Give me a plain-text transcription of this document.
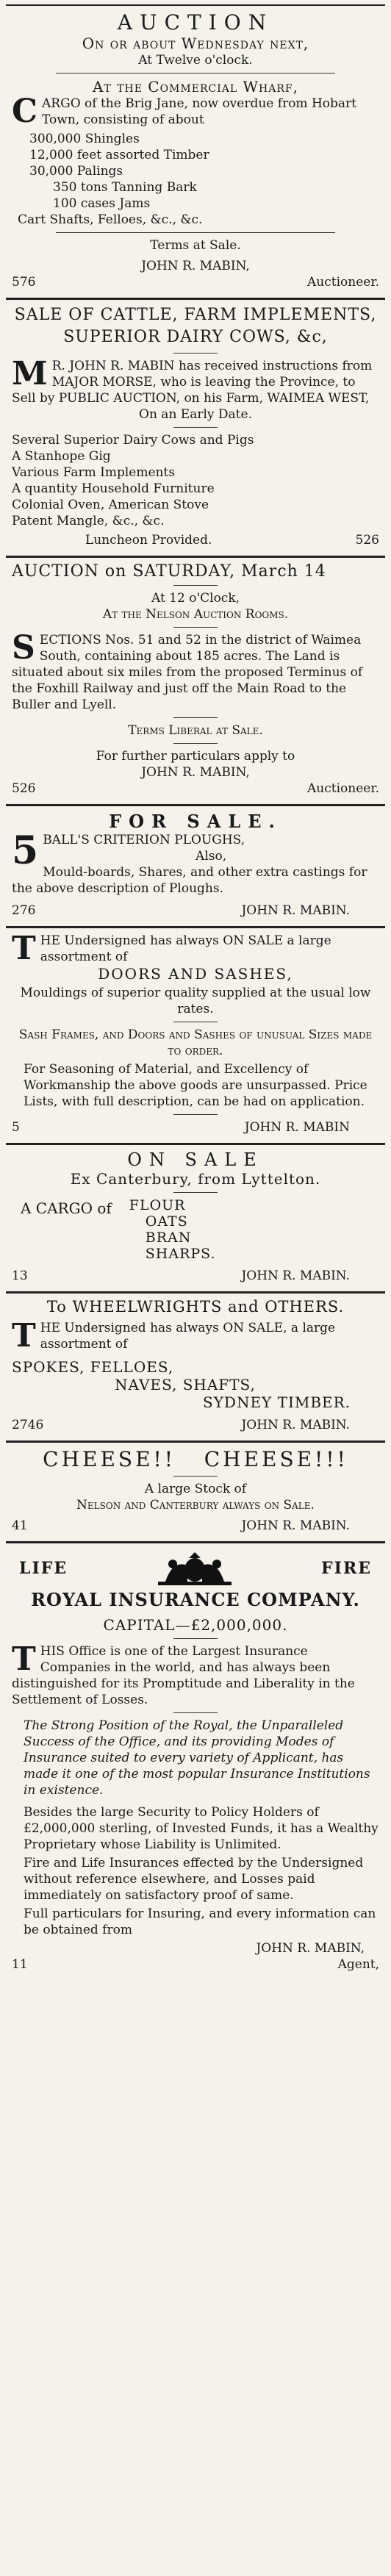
AUCTION
On or about Wednesday next,
At Twelve o'clock.
At the Commercial Wharf,
CARGO of the Brig Jane, now overdue from Hobart Town, consisting of about
300,000 Shingles
12,000 feet assorted Timber
30,000 Palings
350 tons Tanning Bark
100 cases Jams
Cart Shafts, Felloes, &c., &c.
Terms at Sale.
JOHN R. MABIN,
576	Auctioneer.
SALE OF CATTLE, FARM IMPLEMENTS, SUPERIOR DAIRY COWS, &c,
M R. JOHN R. MABIN has received instructions from MAJOR MORSE, who is leaving the Province, to Sell by PUBLIC AUCTION, on his Farm, WAIMEA WEST,
On an Early Date.
Several Superior Dairy Cows and Pigs
A Stanhope Gig
Various Farm Implements
A quantity Household Furniture
Colonial Oven, American Stove
Patent Mangle, &c., &c.
Luncheon Provided.	526
AUCTION on SATURDAY, March 14
At 12 o'Clock,
At the Nelson Auction Rooms.
SECTIONS Nos. 51 and 52 in the district of Waimea South, containing about 185 acres. The Land is situated about six miles from the proposed Terminus of the Foxhill Railway and just off the Main Road to the Buller and Lyell.
Terms Liberal at Sale.
For further particulars apply to
JOHN R. MABIN,
526	Auctioneer.
FOR SALE.
5 BALL'S CRITERION PLOUGHS,
Also,
Mould-boards, Shares, and other extra castings for the above description of Ploughs.
276	JOHN R. MABIN.
THE Undersigned has always ON SALE a large assortment of
DOORS AND SASHES,

Mouldings of superior quality supplied at the usual low rates.

Sash Frames, and Doors and Sashes of unusual Sizes made to order.

For Seasoning of Material, and Excellency of Workmanship the above goods are unsurpassed. Price Lists, with full description, can be had on application.

5	JOHN R. MABIN
ON SALE
Ex Canterbury, from Lyttelton.
A CARGO of FLOUR
OATS
BRAN
SHARPS.
13	JOHN R. MABIN.
To WHEELWRIGHTS and OTHERS.
THE Undersigned has always ON SALE, a large assortment of
SPOKES, FELLOES,
NAVES, SHAFTS,
SYDNEY TIMBER.
2746	JOHN R. MABIN.
CHEESE!!   CHEESE!!!
A large Stock of
Nelson and Canterbury always on Sale.
41	JOHN R. MABIN.
LIFE	FIRE
ROYAL INSURANCE COMPANY.
CAPITAL—£2,000,000.
THIS Office is one of the Largest Insurance Companies in the world, and has always been distinguished for its Promptitude and Liberality in the Settlement of Losses.

The Strong Position of the Royal, the Unparalleled Success of the Office, and its providing Modes of Insurance suited to every variety of Applicant, has made it one of the most popular Insurance Institutions in existence.

Besides the large Security to Policy Holders of £2,000,000 sterling, of Invested Funds, it has a Wealthy Proprietary whose Liability is Unlimited.

Fire and Life Insurances effected by the Undersigned without reference elsewhere, and Losses paid immediately on satisfactory proof of same.

Full particulars for Insuring, and every information can be obtained from

JOHN R. MABIN,
11	Agent,
